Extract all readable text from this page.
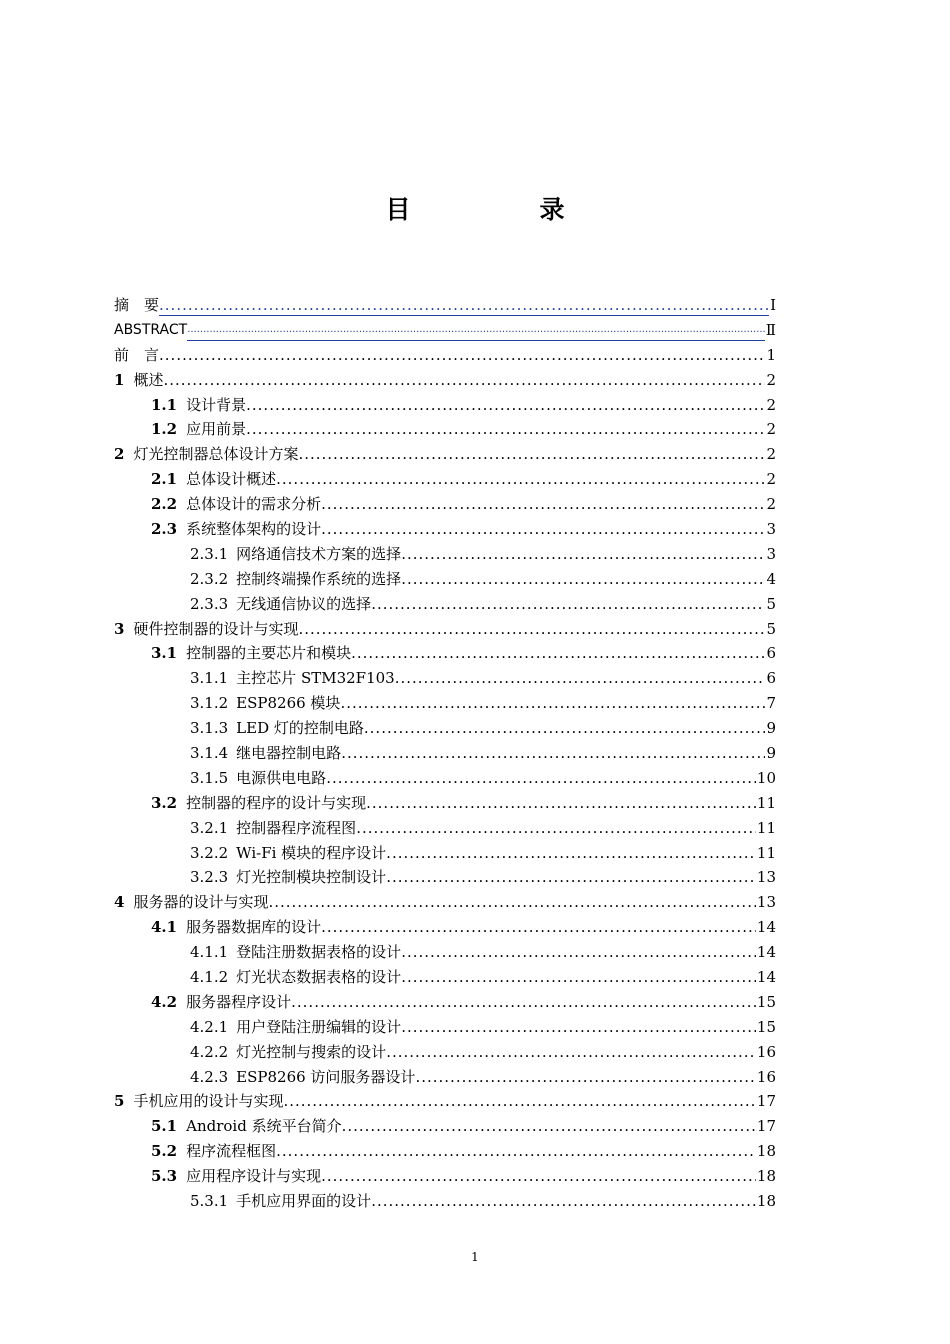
目　录
摘　要 .....	I
ABSTRACT .....	Ⅱ
前　言 .....	1
1 概述 .....	2
1.1 设计背景 .....	2
1.2 应用前景 .....	2
2 灯光控制器总体设计方案 .....	2
2.1 总体设计概述 .....	2
2.2 总体设计的需求分析 .....	2
2.3 系统整体架构的设计 .....	3
2.3.1 网络通信技术方案的选择 .....	3
2.3.2 控制终端操作系统的选择 .....	4
2.3.3 无线通信协议的选择 .....	5
3 硬件控制器的设计与实现 .....	5
3.1 控制器的主要芯片和模块 .....	6
3.1.1 主控芯片 STM32F103 .....	6
3.1.2 ESP8266 模块 .....	7
3.1.3 LED 灯的控制电路 .....	9
3.1.4 继电器控制电路 .....	9
3.1.5 电源供电电路 .....	10
3.2 控制器的程序的设计与实现 .....	11
3.2.1 控制器程序流程图 .....	11
3.2.2 Wi-Fi 模块的程序设计 .....	11
3.2.3 灯光控制模块控制设计 .....	13
4 服务器的设计与实现 .....	13
4.1 服务器数据库的设计 .....	14
4.1.1 登陆注册数据表格的设计 .....	14
4.1.2 灯光状态数据表格的设计 .....	14
4.2 服务器程序设计 .....	15
4.2.1 用户登陆注册编辑的设计 .....	15
4.2.2 灯光控制与搜索的设计 .....	16
4.2.3 ESP8266 访问服务器设计 .....	16
5 手机应用的设计与实现 .....	17
5.1 Android 系统平台简介 .....	17
5.2 程序流程框图 .....	18
5.3 应用程序设计与实现 .....	18
5.3.1 手机应用界面的设计 .....	18
1
